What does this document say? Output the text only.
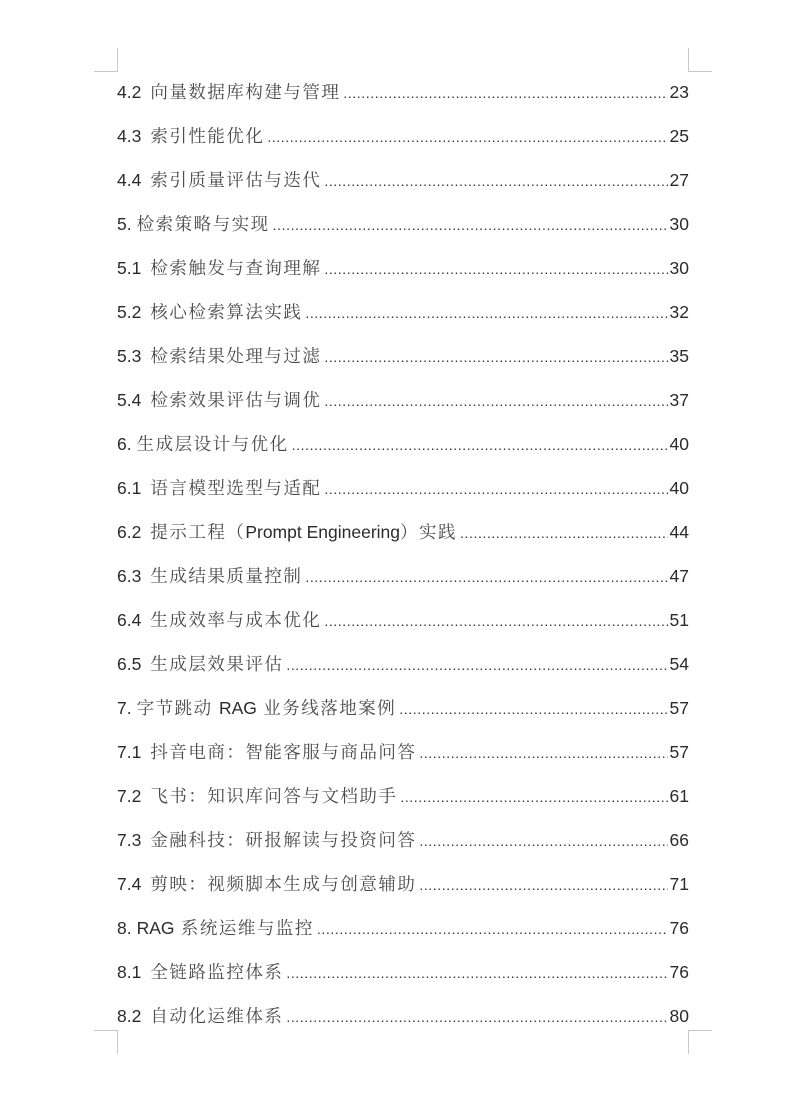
4.2 向量数据库构建与管理 .....	23
4.3 索引性能优化 .....	25
4.4 索引质量评估与迭代 .....	27
5. 检索策略与实现 .....	30
5.1 检索触发与查询理解 .....	30
5.2 核心检索算法实践 .....	32
5.3 检索结果处理与过滤 .....	35
5.4 检索效果评估与调优 .....	37
6. 生成层设计与优化 .....	40
6.1 语言模型选型与适配 .....	40
6.2 提示工程（Prompt Engineering）实践 .....	44
6.3 生成结果质量控制 .....	47
6.4 生成效率与成本优化 .....	51
6.5 生成层效果评估 .....	54
7. 字节跳动 RAG 业务线落地案例 .....	57
7.1 抖音电商：智能客服与商品问答 .....	57
7.2 飞书：知识库问答与文档助手 .....	61
7.3 金融科技：研报解读与投资问答 .....	66
7.4 剪映：视频脚本生成与创意辅助 .....	71
8. RAG 系统运维与监控 .....	76
8.1 全链路监控体系 .....	76
8.2 自动化运维体系 .....	80
